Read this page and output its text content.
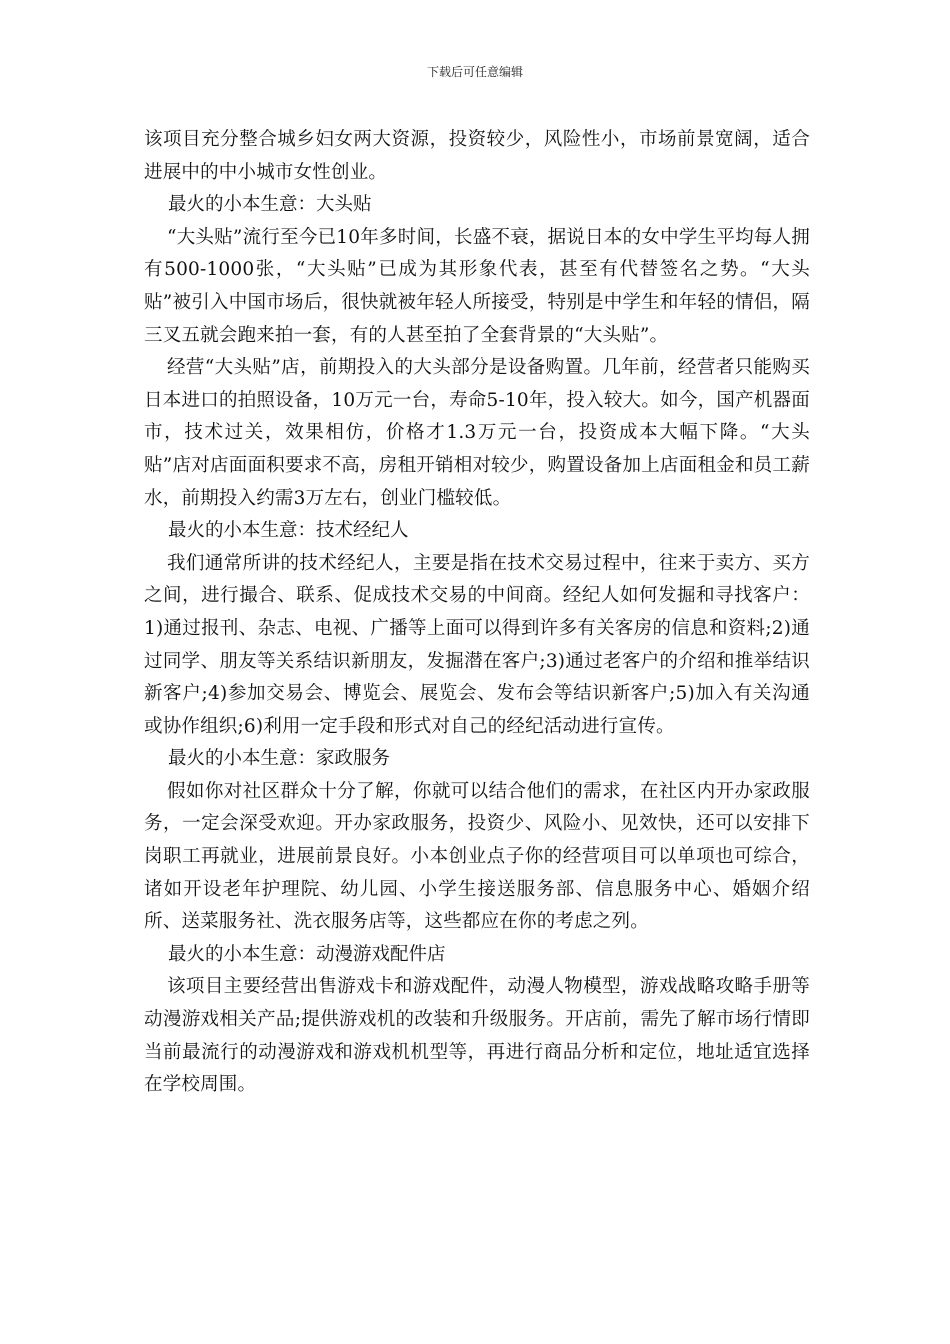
下载后可任意编辑

该项目充分整合城乡妇女两大资源，投资较少，风险性小，市场前景宽阔，适合进展中的中小城市女性创业。

最火的小本生意：大头贴

“大头贴”流行至今已10年多时间，长盛不衰，据说日本的女中学生平均每人拥有500-1000张，“大头贴”已成为其形象代表，甚至有代替签名之势。“大头贴”被引入中国市场后，很快就被年轻人所接受，特别是中学生和年轻的情侣，隔三叉五就会跑来拍一套，有的人甚至拍了全套背景的“大头贴”。

经营“大头贴”店，前期投入的大头部分是设备购置。几年前，经营者只能购买日本进口的拍照设备，10万元一台，寿命5-10年，投入较大。如今，国产机器面市，技术过关，效果相仿，价格才1.3万元一台，投资成本大幅下降。“大头贴”店对店面面积要求不高，房租开销相对较少，购置设备加上店面租金和员工薪水，前期投入约需3万左右，创业门槛较低。

最火的小本生意：技术经纪人

我们通常所讲的技术经纪人，主要是指在技术交易过程中，往来于卖方、买方之间，进行撮合、联系、促成技术交易的中间商。经纪人如何发掘和寻找客户：1)通过报刊、杂志、电视、广播等上面可以得到许多有关客房的信息和资料;2)通过同学、朋友等关系结识新朋友，发掘潜在客户;3)通过老客户的介绍和推举结识新客户;4)参加交易会、博览会、展览会、发布会等结识新客户;5)加入有关沟通或协作组织;6)利用一定手段和形式对自己的经纪活动进行宣传。

最火的小本生意：家政服务

假如你对社区群众十分了解，你就可以结合他们的需求，在社区内开办家政服务，一定会深受欢迎。开办家政服务，投资少、风险小、见效快，还可以安排下岗职工再就业，进展前景良好。小本创业点子你的经营项目可以单项也可综合，诸如开设老年护理院、幼儿园、小学生接送服务部、信息服务中心、婚姻介绍所、送菜服务社、洗衣服务店等，这些都应在你的考虑之列。

最火的小本生意：动漫游戏配件店

该项目主要经营出售游戏卡和游戏配件，动漫人物模型，游戏战略攻略手册等动漫游戏相关产品;提供游戏机的改装和升级服务。开店前，需先了解市场行情即当前最流行的动漫游戏和游戏机机型等，再进行商品分析和定位，地址适宜选择在学校周围。
